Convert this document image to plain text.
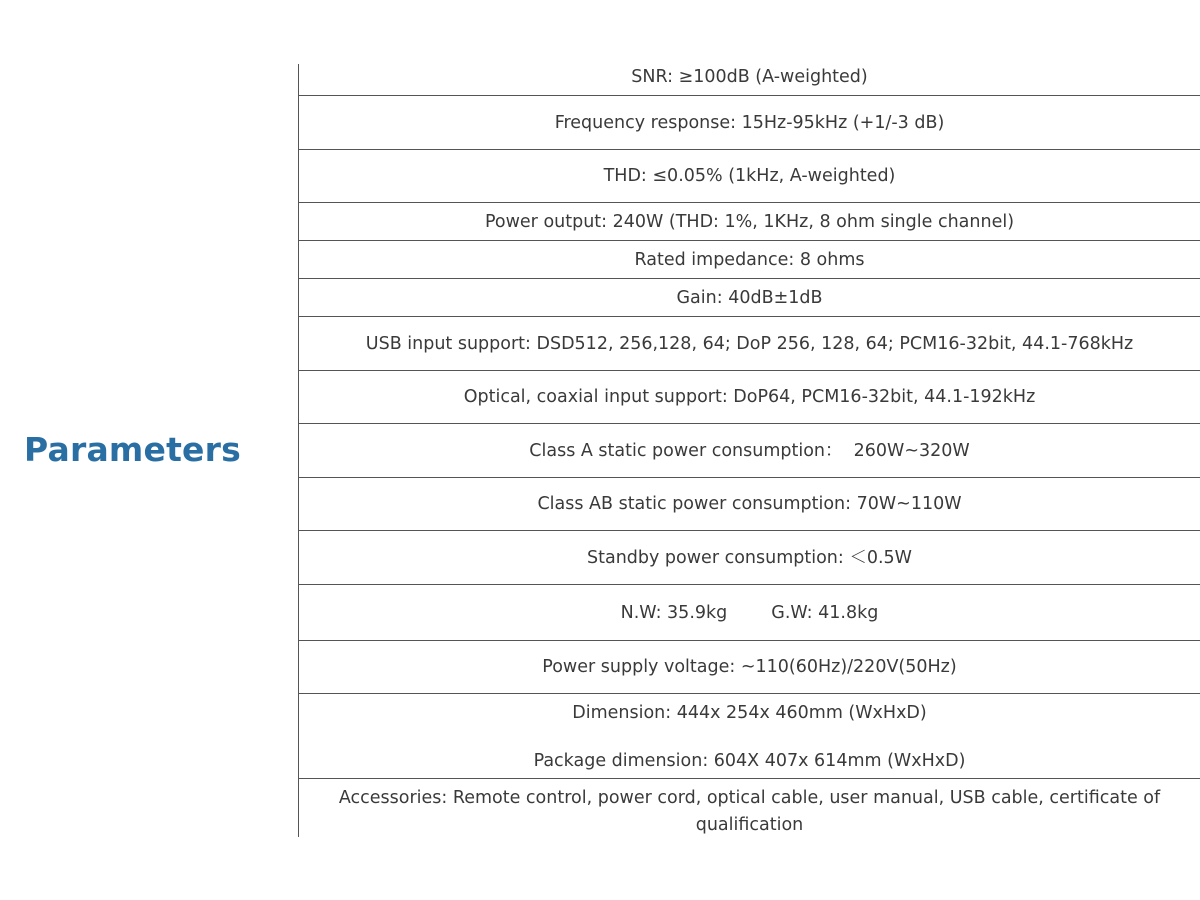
Parameters
SNR: ≥100dB (A-weighted)
Frequency response: 15Hz-95kHz (+1/-3 dB)
THD: ≤0.05% (1kHz, A-weighted)
Power output: 240W (THD: 1%, 1KHz, 8 ohm single channel)
Rated impedance: 8 ohms
Gain: 40dB±1dB
USB input support: DSD512, 256,128, 64; DoP 256, 128, 64; PCM16-32bit, 44.1-768kHz
Optical, coaxial input support: DoP64, PCM16-32bit, 44.1-192kHz
Class A static power consumption：  260W~320W
Class AB static power consumption: 70W~110W
Standby power consumption: ＜0.5W
N.W: 35.9kg	G.W: 41.8kg
Power supply voltage: ~110(60Hz)/220V(50Hz)
Dimension: 444x 254x 460mm (WxHxD)
Package dimension: 604X 407x 614mm (WxHxD)
Accessories: Remote control, power cord, optical cable, user manual, USB cable, certificate of
qualification
